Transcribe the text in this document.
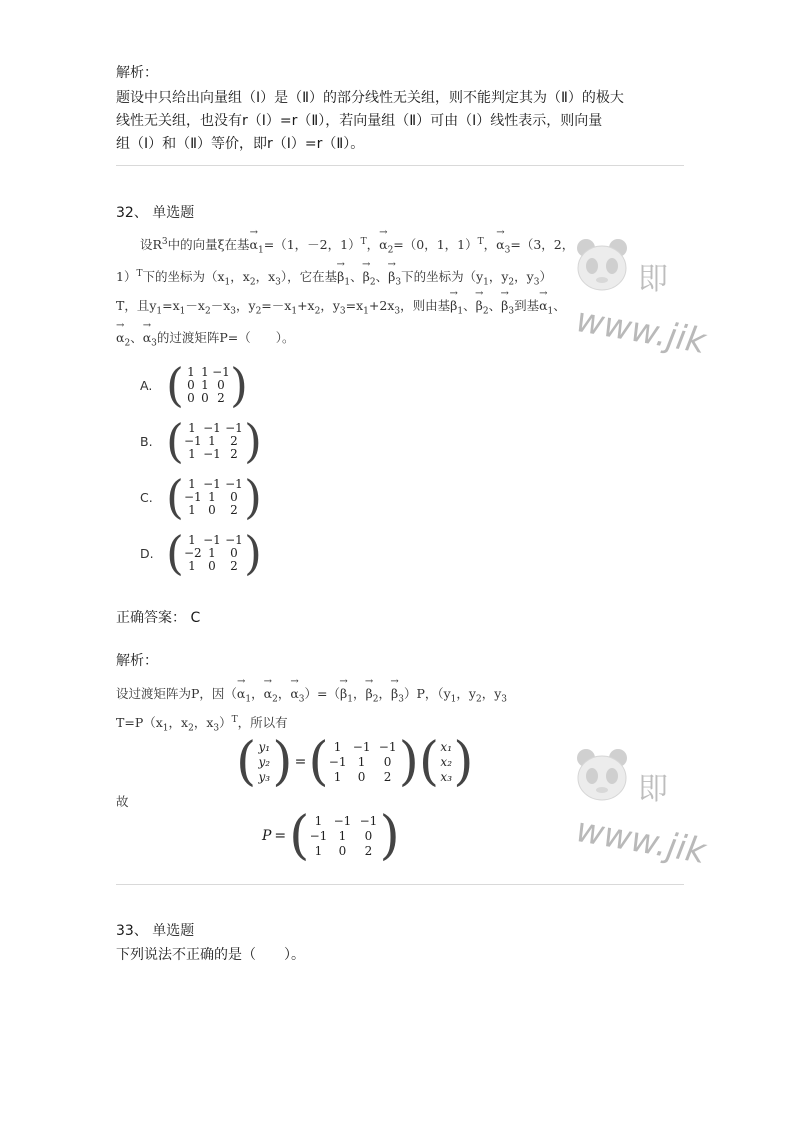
解析：
题设中只给出向量组（Ⅰ）是（Ⅱ）的部分线性无关组，则不能判定其为（Ⅱ）的极大
线性无关组，也没有r（Ⅰ）=r（Ⅱ），若向量组（Ⅱ）可由（Ⅰ）线性表示，则向量
组（Ⅰ）和（Ⅱ）等价，即r（Ⅰ）=r（Ⅱ）。
32、 单选题
设$R^3$中的向量ξ在基→ $\alpha_1=(1$，－2，1）$^T$，→ $\alpha_2=(0$，1，1）$^T$，→ $\alpha_3=(3$，2，
1）$^T$下的坐标为（$x_1$，$x_2$，$x_3$），它在基→ $\beta_1$、→ $\beta_2$、→ $\beta_3$下的坐标为（$y_1$，$y_2$，$y_3$）
T，且$y_1=x_1-x_2-x_3$，$y_2=-x_1+x_2$，$y_3=x_1+2x_3$，则由基→ $\beta_1$、→ $\beta_2$、→ $\beta_3$到基→ $\alpha_1$、
→ $\alpha_2$、→ $\alpha_3$的过渡矩阵P=（　　）。
A. ( 1 1 −1
0 1 0
0 0 2 )
B. ( 1 −1 −1
−1 1	2
1 −1 2 )
C. ( 1 −1 −1
−1 1	0
1	0	2 )
D. ( 1 −1 −1
−2 1	0
1	0	2 )
正确答案： C
解析：
设过渡矩阵为P，因（→ $\alpha_1$，→ $\alpha_2$，→ $\alpha_3)=(\to \beta_1$，→ $\beta_2$，→ $\beta_3)P$，（$y_1$，$y_2$，$y_3$
$T=P(x_1$，$x_2$，$x_3)^T$，所以有
( y₁
y₂
y₃ ) = ( 1 −1 −1
−1 1	0
1	0	2 ) ( x₁
x₂
x₃ )
故
P = ( 1 −1 −1
−1 1	0
1	0	2 )
33、 单选题
下列说法不正确的是（　　）。
即
www.jik
即
www.jik
